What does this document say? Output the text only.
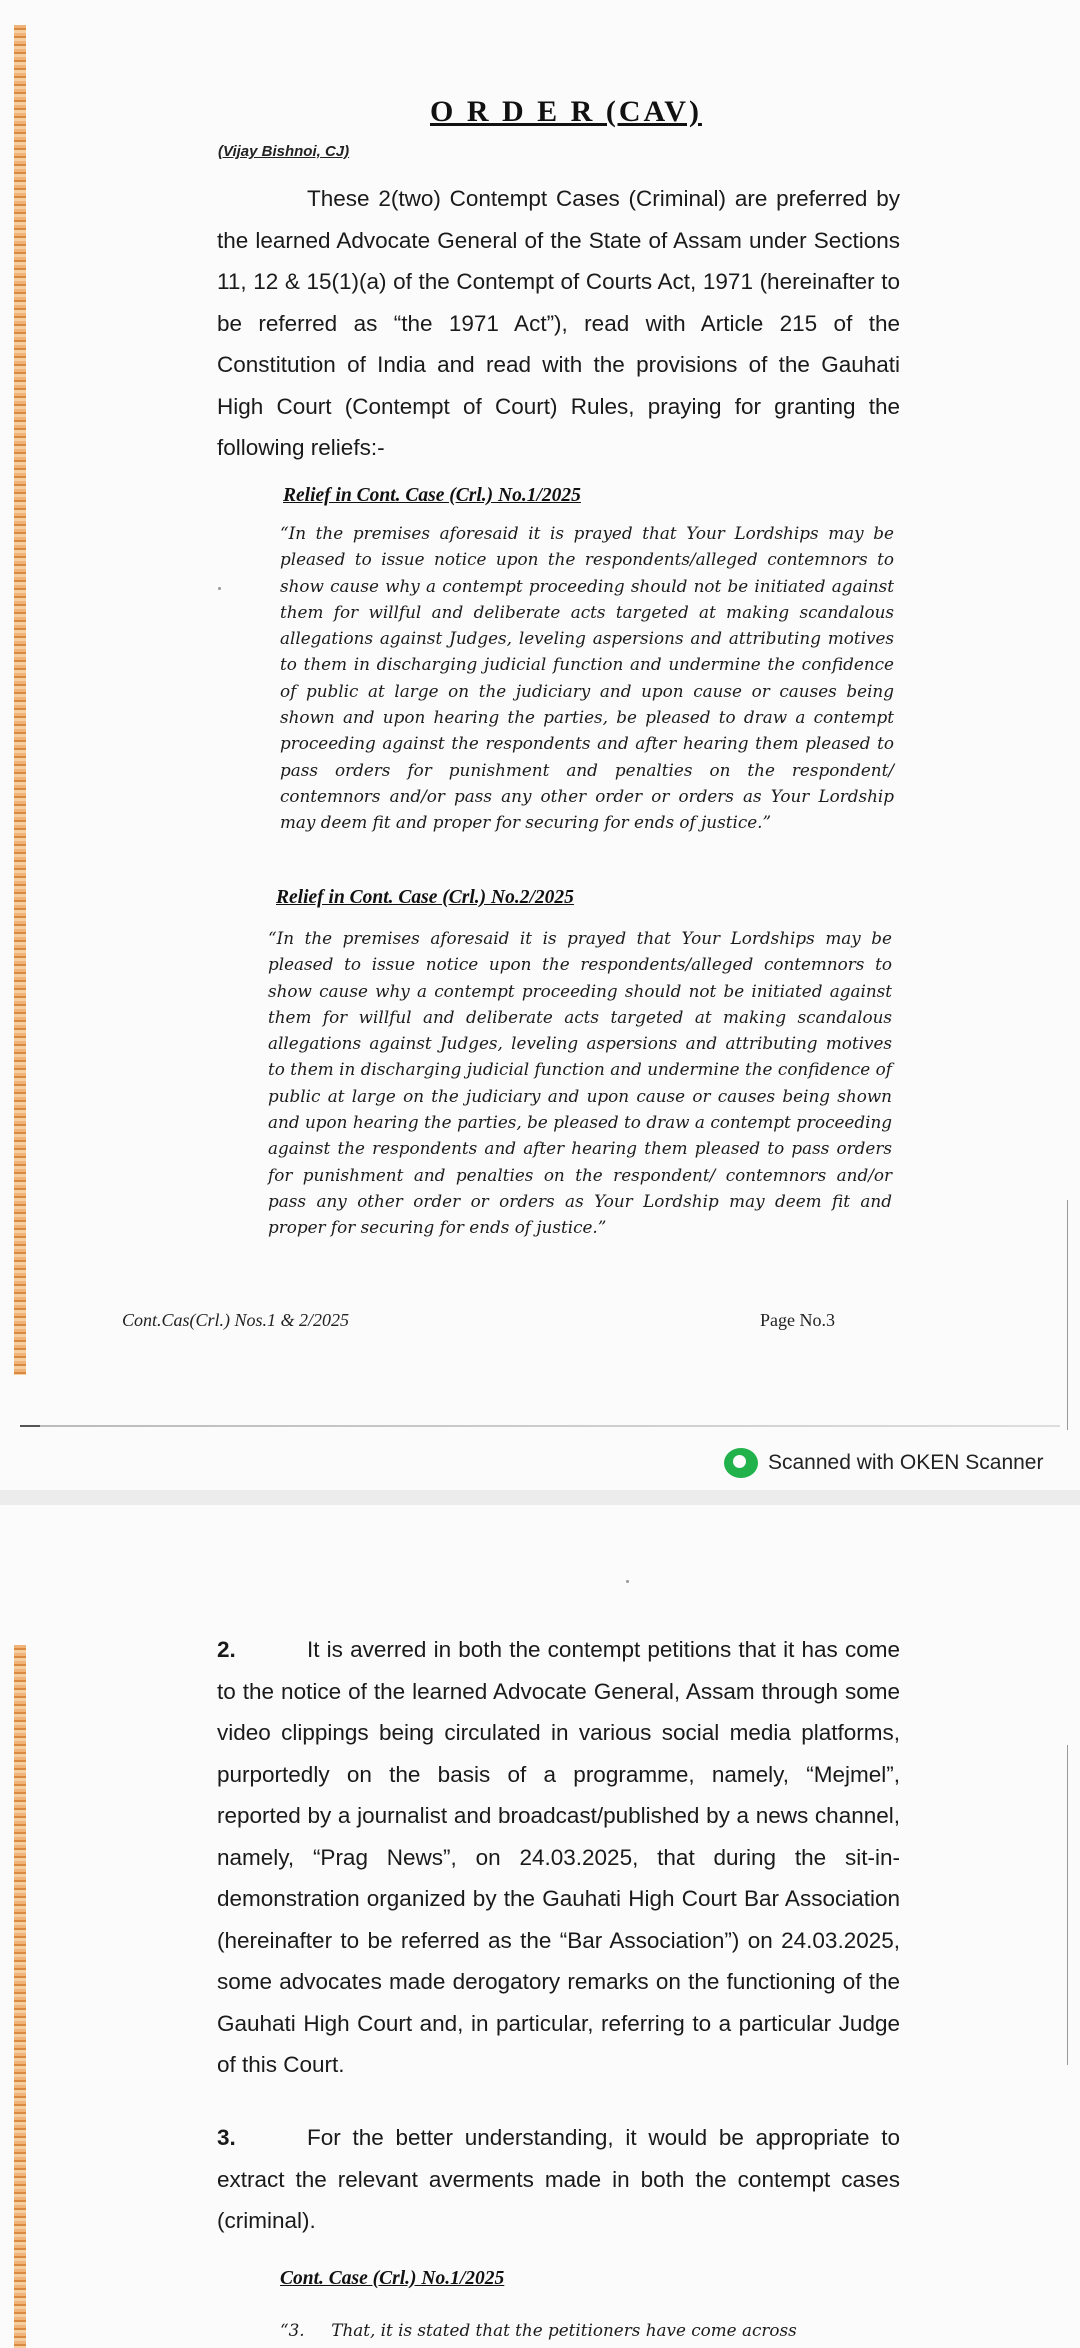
O R D E R (CAV)
(Vijay Bishnoi, CJ)

These 2(two) Contempt Cases (Criminal) are preferred by the learned Advocate General of the State of Assam under Sections 11, 12 & 15(1)(a) of the Contempt of Courts Act, 1971 (hereinafter to be referred as “the 1971 Act”), read with Article 215 of the Constitution of India and read with the provisions of the Gauhati High Court (Contempt of Court) Rules, praying for granting the following reliefs:-

Relief in Cont. Case (Crl.) No.1/2025

“In the premises aforesaid it is prayed that Your Lordships may be pleased to issue notice upon the respondents/alleged contemnors to show cause why a contempt proceeding should not be initiated against them for willful and deliberate acts targeted at making scandalous allegations against Judges, leveling aspersions and attributing motives to them in discharging judicial function and undermine the confidence of public at large on the judiciary and upon cause or causes being shown and upon hearing the parties, be pleased to draw a contempt proceeding against the respondents and after hearing them pleased to pass orders for punishment and penalties on the respondent/ contemnors and/or pass any other order or orders as Your Lordship may deem fit and proper for securing for ends of justice.”

Relief in Cont. Case (Crl.) No.2/2025

“In the premises aforesaid it is prayed that Your Lordships may be pleased to issue notice upon the respondents/alleged contemnors to show cause why a contempt proceeding should not be initiated against them for willful and deliberate acts targeted at making scandalous allegations against Judges, leveling aspersions and attributing motives to them in discharging judicial function and undermine the confidence of public at large on the judiciary and upon cause or causes being shown and upon hearing the parties, be pleased to draw a contempt proceeding against the respondents and after hearing them pleased to pass orders for punishment and penalties on the respondent/ contemnors and/or pass any other order or orders as Your Lordship may deem fit and proper for securing for ends of justice.”

Cont.Cas(Crl.) Nos.1 & 2/2025	Page No.3
Scanned with OKEN Scanner

2.	It is averred in both the contempt petitions that it has come to the notice of the learned Advocate General, Assam through some video clippings being circulated in various social media platforms, purportedly on the basis of a programme, namely, “Mejmel”, reported by a journalist and broadcast/published by a news channel, namely, “Prag News”, on 24.03.2025, that during the sit-in-demonstration organized by the Gauhati High Court Bar Association (hereinafter to be referred as the “Bar Association”) on 24.03.2025, some advocates made derogatory remarks on the functioning of the Gauhati High Court and, in particular, referring to a particular Judge of this Court.

3.	For the better understanding, it would be appropriate to extract the relevant averments made in both the contempt cases (criminal).

Cont. Case (Crl.) No.1/2025

“3.     That, it is stated that the petitioners have come across
